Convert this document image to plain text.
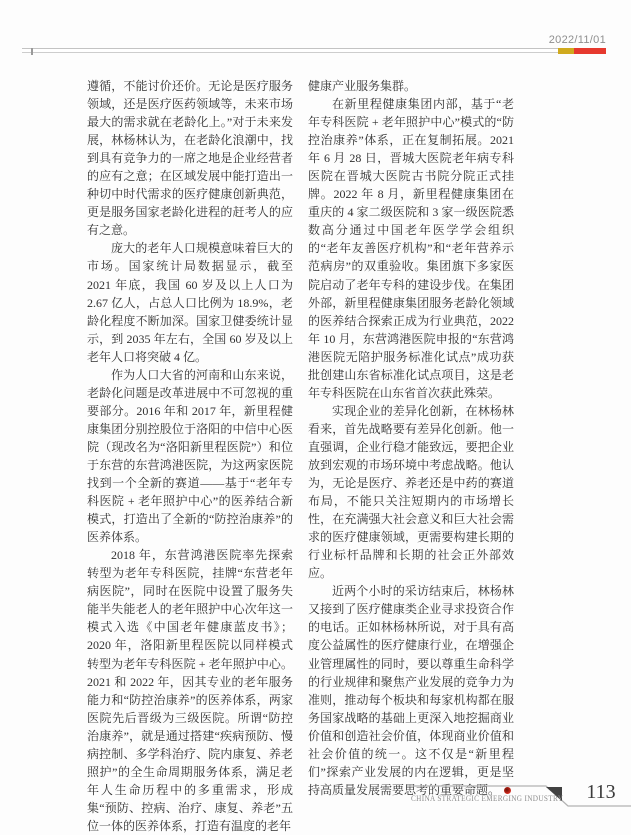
2022/11/01

遵循，不能讨价还价。无论是医疗服务领域，还是医疗医药领域等，未来市场最大的需求就在老龄化上。”对于未来发展，林杨林认为，在老龄化浪潮中，找到具有竞争力的一席之地是企业经营者的应有之意；在区域发展中能打造出一种切中时代需求的医疗健康创新典范，更是服务国家老龄化进程的赶考人的应有之意。

庞大的老年人口规模意味着巨大的市场。国家统计局数据显示，截至 2021 年底，我国 60 岁及以上人口为 2.67 亿人，占总人口比例为 18.9%，老龄化程度不断加深。国家卫健委统计显示，到 2035 年左右，全国 60 岁及以上老年人口将突破 4 亿。

作为人口大省的河南和山东来说，老龄化问题是改革进展中不可忽视的重要部分。2016 年和 2017 年，新里程健康集团分别控股位于洛阳的中信中心医院（现改名为“洛阳新里程医院”）和位于东营的东营鸿港医院，为这两家医院找到一个全新的赛道——基于“老年专科医院 + 老年照护中心”的医养结合新模式，打造出了全新的“防控治康养”的医养体系。

2018 年，东营鸿港医院率先探索转型为老年专科医院，挂牌“东营老年病医院”，同时在医院中设置了服务失能半失能老人的老年照护中心次年这一模式入选《中国老年健康蓝皮书》；2020 年，洛阳新里程医院以同样模式转型为老年专科医院 + 老年照护中心。2021 和 2022 年，因其专业的老年服务能力和“防控治康养”的医养体系，两家医院先后晋级为三级医院。所谓“防控治康养”，就是通过搭建“疾病预防、慢病控制、多学科治疗、院内康复、养老照护”的全生命周期服务体系，满足老年人生命历程中的多重需求，形成集“预防、控病、治疗、康复、养老”五位一体的医养体系，打造有温度的老年

健康产业服务集群。

在新里程健康集团内部，基于“老年专科医院 + 老年照护中心”模式的“防控治康养”体系，正在复制拓展。2021 年 6 月 28 日，晋城大医院老年病专科医院在晋城大医院古书院分院正式挂牌。2022 年 8 月，新里程健康集团在重庆的 4 家二级医院和 3 家一级医院悉数高分通过中国老年医学学会组织的“老年友善医疗机构”和“老年营养示范病房”的双重验收。集团旗下多家医院启动了老年专科的建设步伐。在集团外部，新里程健康集团服务老龄化领域的医养结合探索正成为行业典范，2022 年 10 月，东营鸿港医院申报的“东营鸿港医院无陪护服务标准化试点”成功获批创建山东省标准化试点项目，这是老年专科医院在山东省首次获此殊荣。

实现企业的差异化创新，在林杨林看来，首先战略要有差异化创新。他一直强调，企业行稳才能致远，要把企业放到宏观的市场环境中考虑战略。他认为，无论是医疗、养老还是中药的赛道布局，不能只关注短期内的市场增长性，在充满强大社会意义和巨大社会需求的医疗健康领域，更需要构建长期的行业标杆品牌和长期的社会正外部效应。

近两个小时的采访结束后，林杨林又接到了医疗健康类企业寻求投资合作的电话。正如林杨林所说，对于具有高度公益属性的医疗健康行业，在增强企业管理属性的同时，要以尊重生命科学的行业规律和聚焦产业发展的竞争力为准则，推动每个板块和每家机构都在服务国家战略的基础上更深入地挖掘商业价值和创造社会价值，体现商业价值和社会价值的统一。这不仅是“新里程们”探索产业发展的内在逻辑，更是坚持高质量发展需要思考的重要命题。

CHINA STRATEGIC EMERGING INDUSTRY	113
